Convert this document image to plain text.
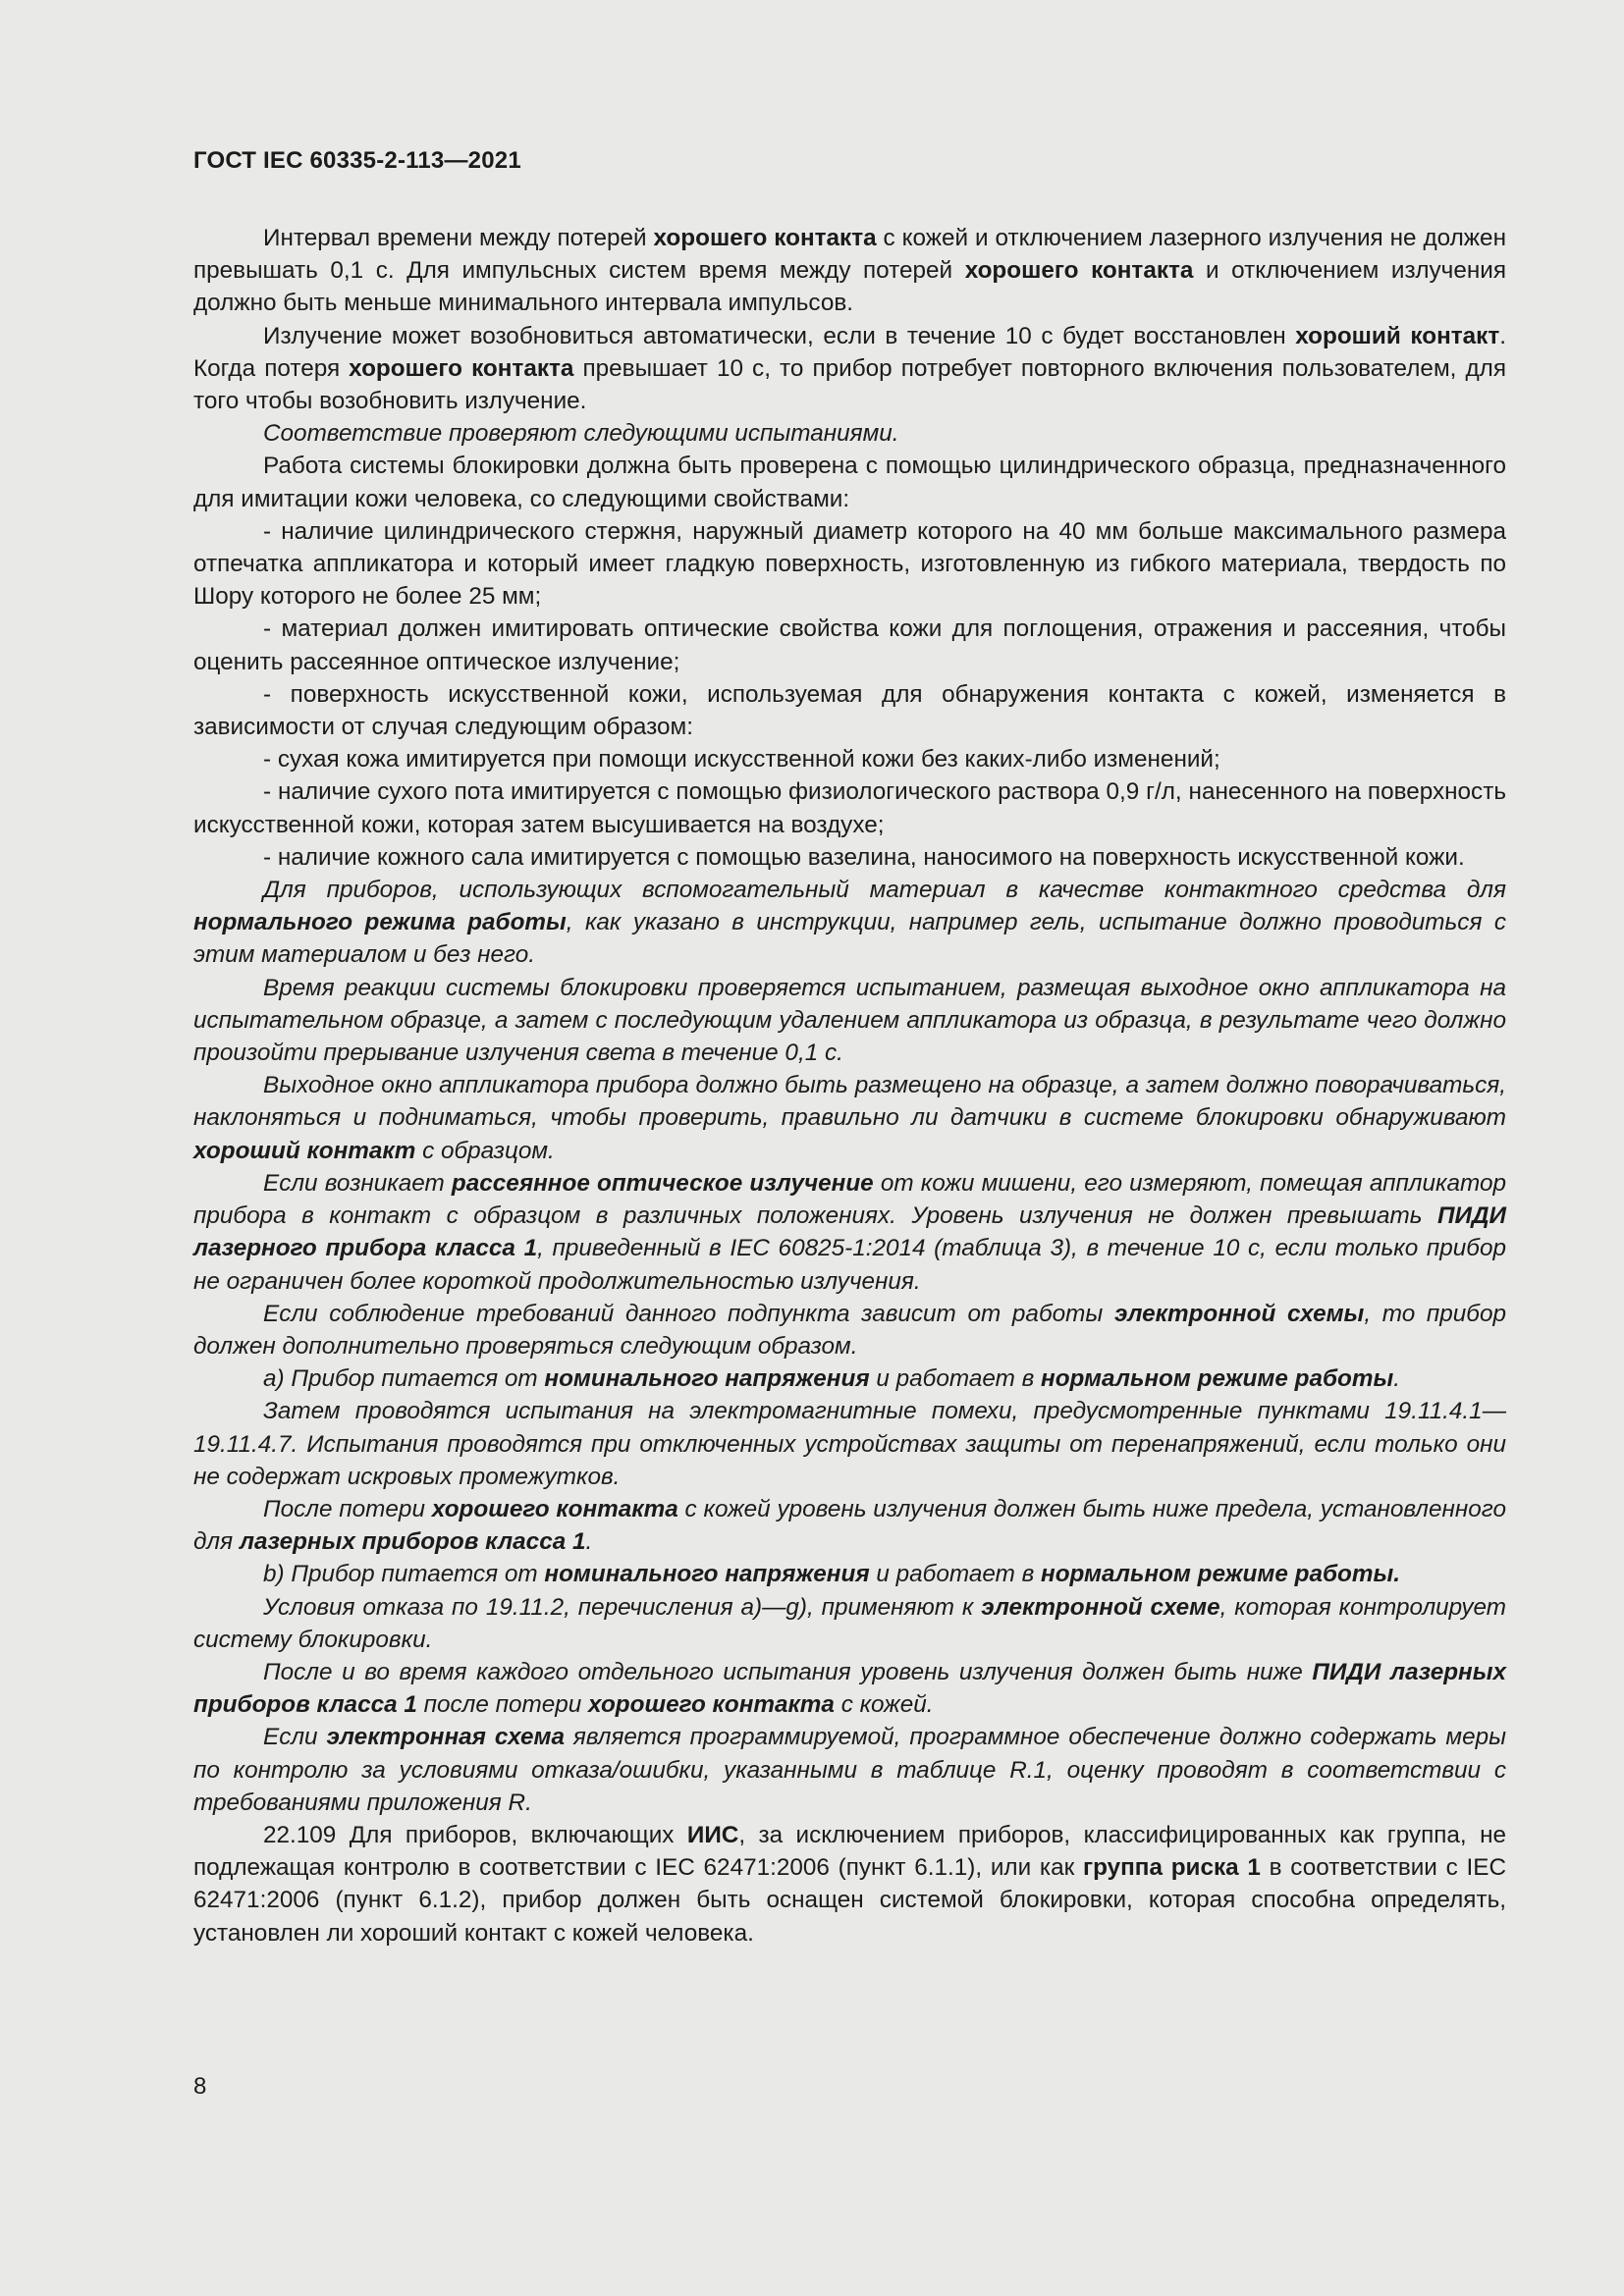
ГОСТ IEC 60335-2-113—2021

Интервал времени между потерей хорошего контакта с кожей и отключением лазерного излучения не должен превышать 0,1 с. Для импульсных систем время между потерей хорошего контакта и отключением излучения должно быть меньше минимального интервала импульсов.

Излучение может возобновиться автоматически, если в течение 10 с будет восстановлен хороший контакт. Когда потеря хорошего контакта превышает 10 с, то прибор потребует повторного включения пользователем, для того чтобы возобновить излучение.

Соответствие проверяют следующими испытаниями.

Работа системы блокировки должна быть проверена с помощью цилиндрического образца, предназначенного для имитации кожи человека, со следующими свойствами:

- наличие цилиндрического стержня, наружный диаметр которого на 40 мм больше максимального размера отпечатка аппликатора и который имеет гладкую поверхность, изготовленную из гибкого материала, твердость по Шору которого не более 25 мм;

- материал должен имитировать оптические свойства кожи для поглощения, отражения и рассеяния, чтобы оценить рассеянное оптическое излучение;

- поверхность искусственной кожи, используемая для обнаружения контакта с кожей, изменяется в зависимости от случая следующим образом:

- сухая кожа имитируется при помощи искусственной кожи без каких-либо изменений;

- наличие сухого пота имитируется с помощью физиологического раствора 0,9 г/л, нанесенного на поверхность искусственной кожи, которая затем высушивается на воздухе;

- наличие кожного сала имитируется с помощью вазелина, наносимого на поверхность искусственной кожи.

Для приборов, использующих вспомогательный материал в качестве контактного средства для нормального режима работы, как указано в инструкции, например гель, испытание должно проводиться с этим материалом и без него.

Время реакции системы блокировки проверяется испытанием, размещая выходное окно аппликатора на испытательном образце, а затем с последующим удалением аппликатора из образца, в результате чего должно произойти прерывание излучения света в течение 0,1 с.

Выходное окно аппликатора прибора должно быть размещено на образце, а затем должно поворачиваться, наклоняться и подниматься, чтобы проверить, правильно ли датчики в системе блокировки обнаруживают хороший контакт с образцом.

Если возникает рассеянное оптическое излучение от кожи мишени, его измеряют, помещая аппликатор прибора в контакт с образцом в различных положениях. Уровень излучения не должен превышать ПИДИ лазерного прибора класса 1, приведенный в IEC 60825-1:2014 (таблица 3), в течение 10 с, если только прибор не ограничен более короткой продолжительностью излучения.

Если соблюдение требований данного подпункта зависит от работы электронной схемы, то прибор должен дополнительно проверяться следующим образом.

а) Прибор питается от номинального напряжения и работает в нормальном режиме работы.

Затем проводятся испытания на электромагнитные помехи, предусмотренные пунктами 19.11.4.1—19.11.4.7. Испытания проводятся при отключенных устройствах защиты от перенапряжений, если только они не содержат искровых промежутков.

После потери хорошего контакта с кожей уровень излучения должен быть ниже предела, установленного для лазерных приборов класса 1.

b) Прибор питается от номинального напряжения и работает в нормальном режиме работы.

Условия отказа по 19.11.2, перечисления а)—g), применяют к электронной схеме, которая контролирует систему блокировки.

После и во время каждого отдельного испытания уровень излучения должен быть ниже ПИДИ лазерных приборов класса 1 после потери хорошего контакта с кожей.

Если электронная схема является программируемой, программное обеспечение должно содержать меры по контролю за условиями отказа/ошибки, указанными в таблице R.1, оценку проводят в соответствии с требованиями приложения R.

22.109 Для приборов, включающих ИИС, за исключением приборов, классифицированных как группа, не подлежащая контролю в соответствии с IEC 62471:2006 (пункт 6.1.1), или как группа риска 1 в соответствии с IEC 62471:2006 (пункт 6.1.2), прибор должен быть оснащен системой блокировки, которая способна определять, установлен ли хороший контакт с кожей человека.

8
